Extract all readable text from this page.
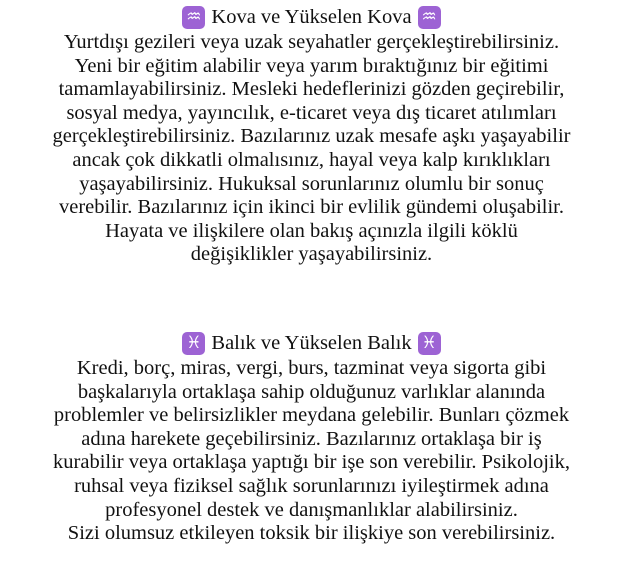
♒ Kova ve Yükselen Kova ♒
Yurtdışı gezileri veya uzak seyahatler gerçekleştirebilirsiniz.
Yeni bir eğitim alabilir veya yarım bıraktığınız bir eğitimi
tamamlayabilirsiniz. Mesleki hedeflerinizi gözden geçirebilir,
sosyal medya, yayıncılık, e-ticaret veya dış ticaret atılımları
gerçekleştirebilirsiniz. Bazılarınız uzak mesafe aşkı yaşayabilir
ancak çok dikkatli olmalısınız, hayal veya kalp kırıklıkları
yaşayabilirsiniz. Hukuksal sorunlarınız olumlu bir sonuç
verebilir. Bazılarınız için ikinci bir evlilik gündemi oluşabilir.
Hayata ve ilişkilere olan bakış açınızla ilgili köklü
değişiklikler yaşayabilirsiniz.
♓ Balık ve Yükselen Balık ♓
Kredi, borç, miras, vergi, burs, tazminat veya sigorta gibi
başkalarıyla ortaklaşa sahip olduğunuz varlıklar alanında
problemler ve belirsizlikler meydana gelebilir. Bunları çözmek
adına harekete geçebilirsiniz. Bazılarınız ortaklaşa bir iş
kurabilir veya ortaklaşa yaptığı bir işe son verebilir. Psikolojik,
ruhsal veya fiziksel sağlık sorunlarınızı iyileştirmek adına
profesyonel destek ve danışmanlıklar alabilirsiniz.
Sizi olumsuz etkileyen toksik bir ilişkiye son verebilirsiniz.
